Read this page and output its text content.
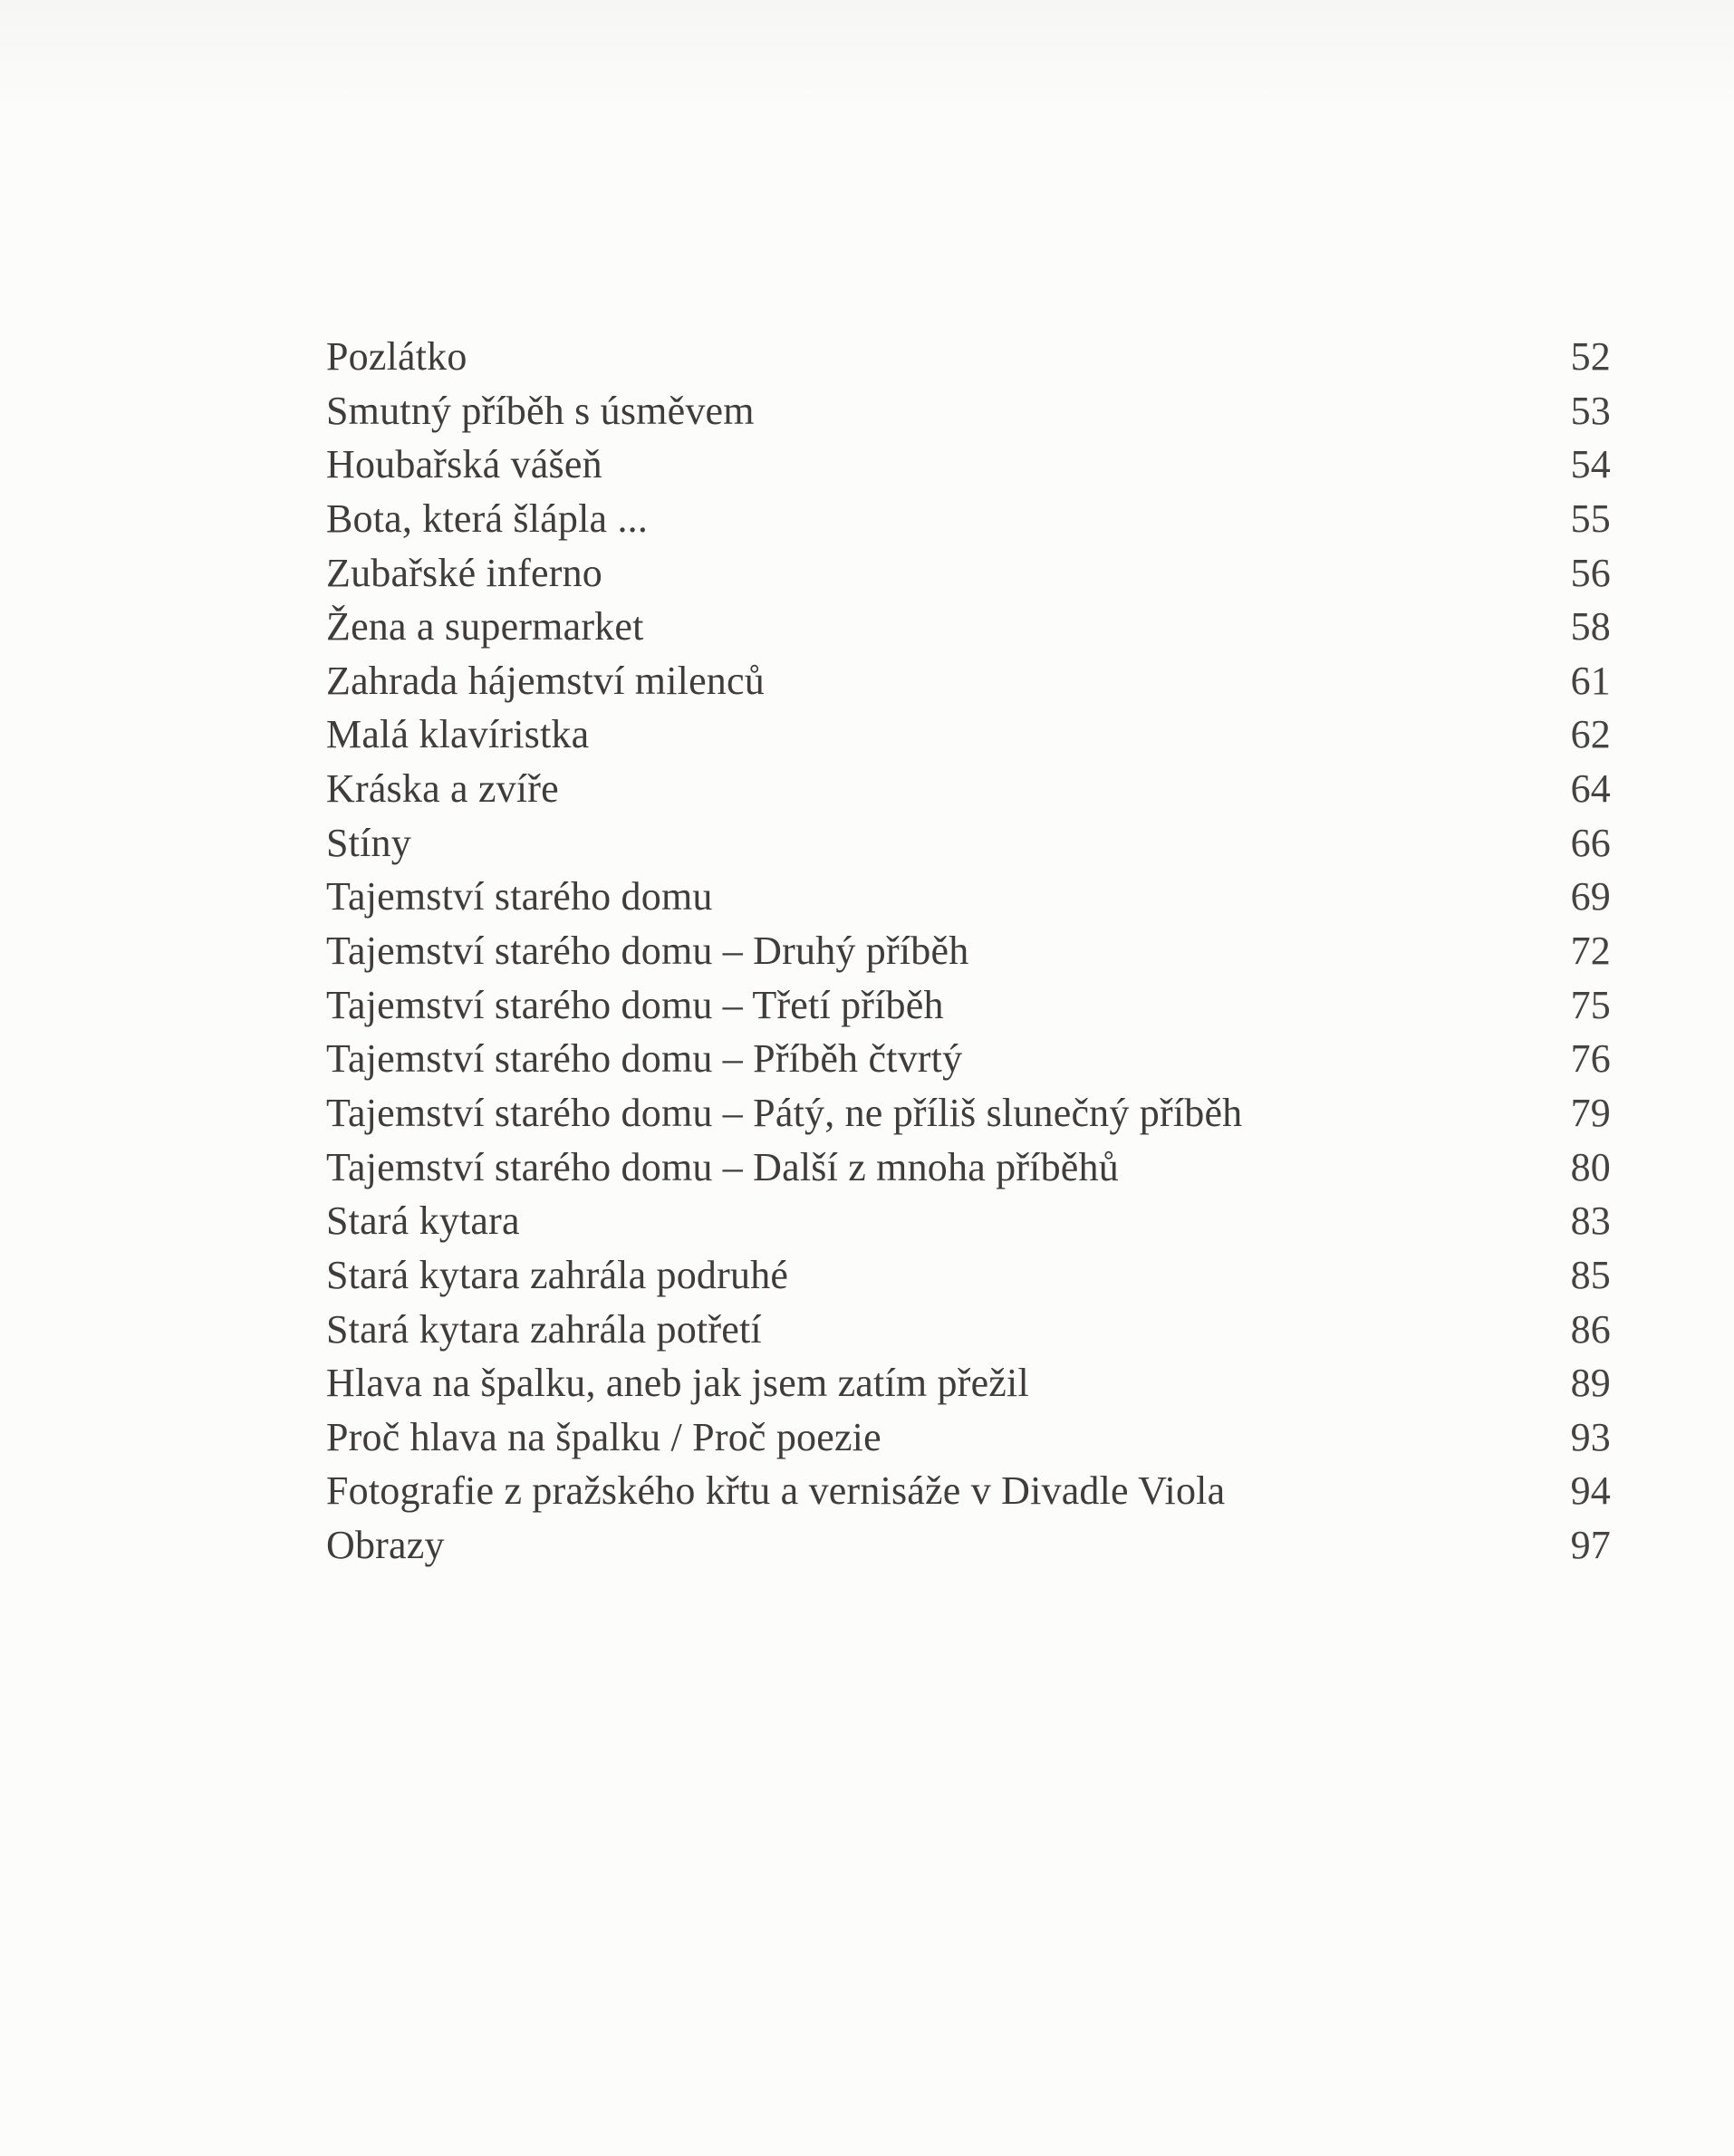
Pozlátko	52
Smutný příběh s úsměvem	53
Houbařská vášeň	54
Bota, která šlápla ...	55
Zubařské inferno	56
Žena a supermarket	58
Zahrada hájemství milenců	61
Malá klavíristka	62
Kráska a zvíře	64
Stíny	66
Tajemství starého domu	69
Tajemství starého domu – Druhý příběh	72
Tajemství starého domu – Třetí příběh	75
Tajemství starého domu – Příběh čtvrtý	76
Tajemství starého domu – Pátý, ne příliš slunečný příběh	79
Tajemství starého domu – Další z mnoha příběhů	80
Stará kytara	83
Stará kytara zahrála podruhé	85
Stará kytara zahrála potřetí	86
Hlava na špalku, aneb jak jsem zatím přežil	89
Proč hlava na špalku / Proč poezie	93
Fotografie z pražského křtu a vernisáže v Divadle Viola	94
Obrazy	97
